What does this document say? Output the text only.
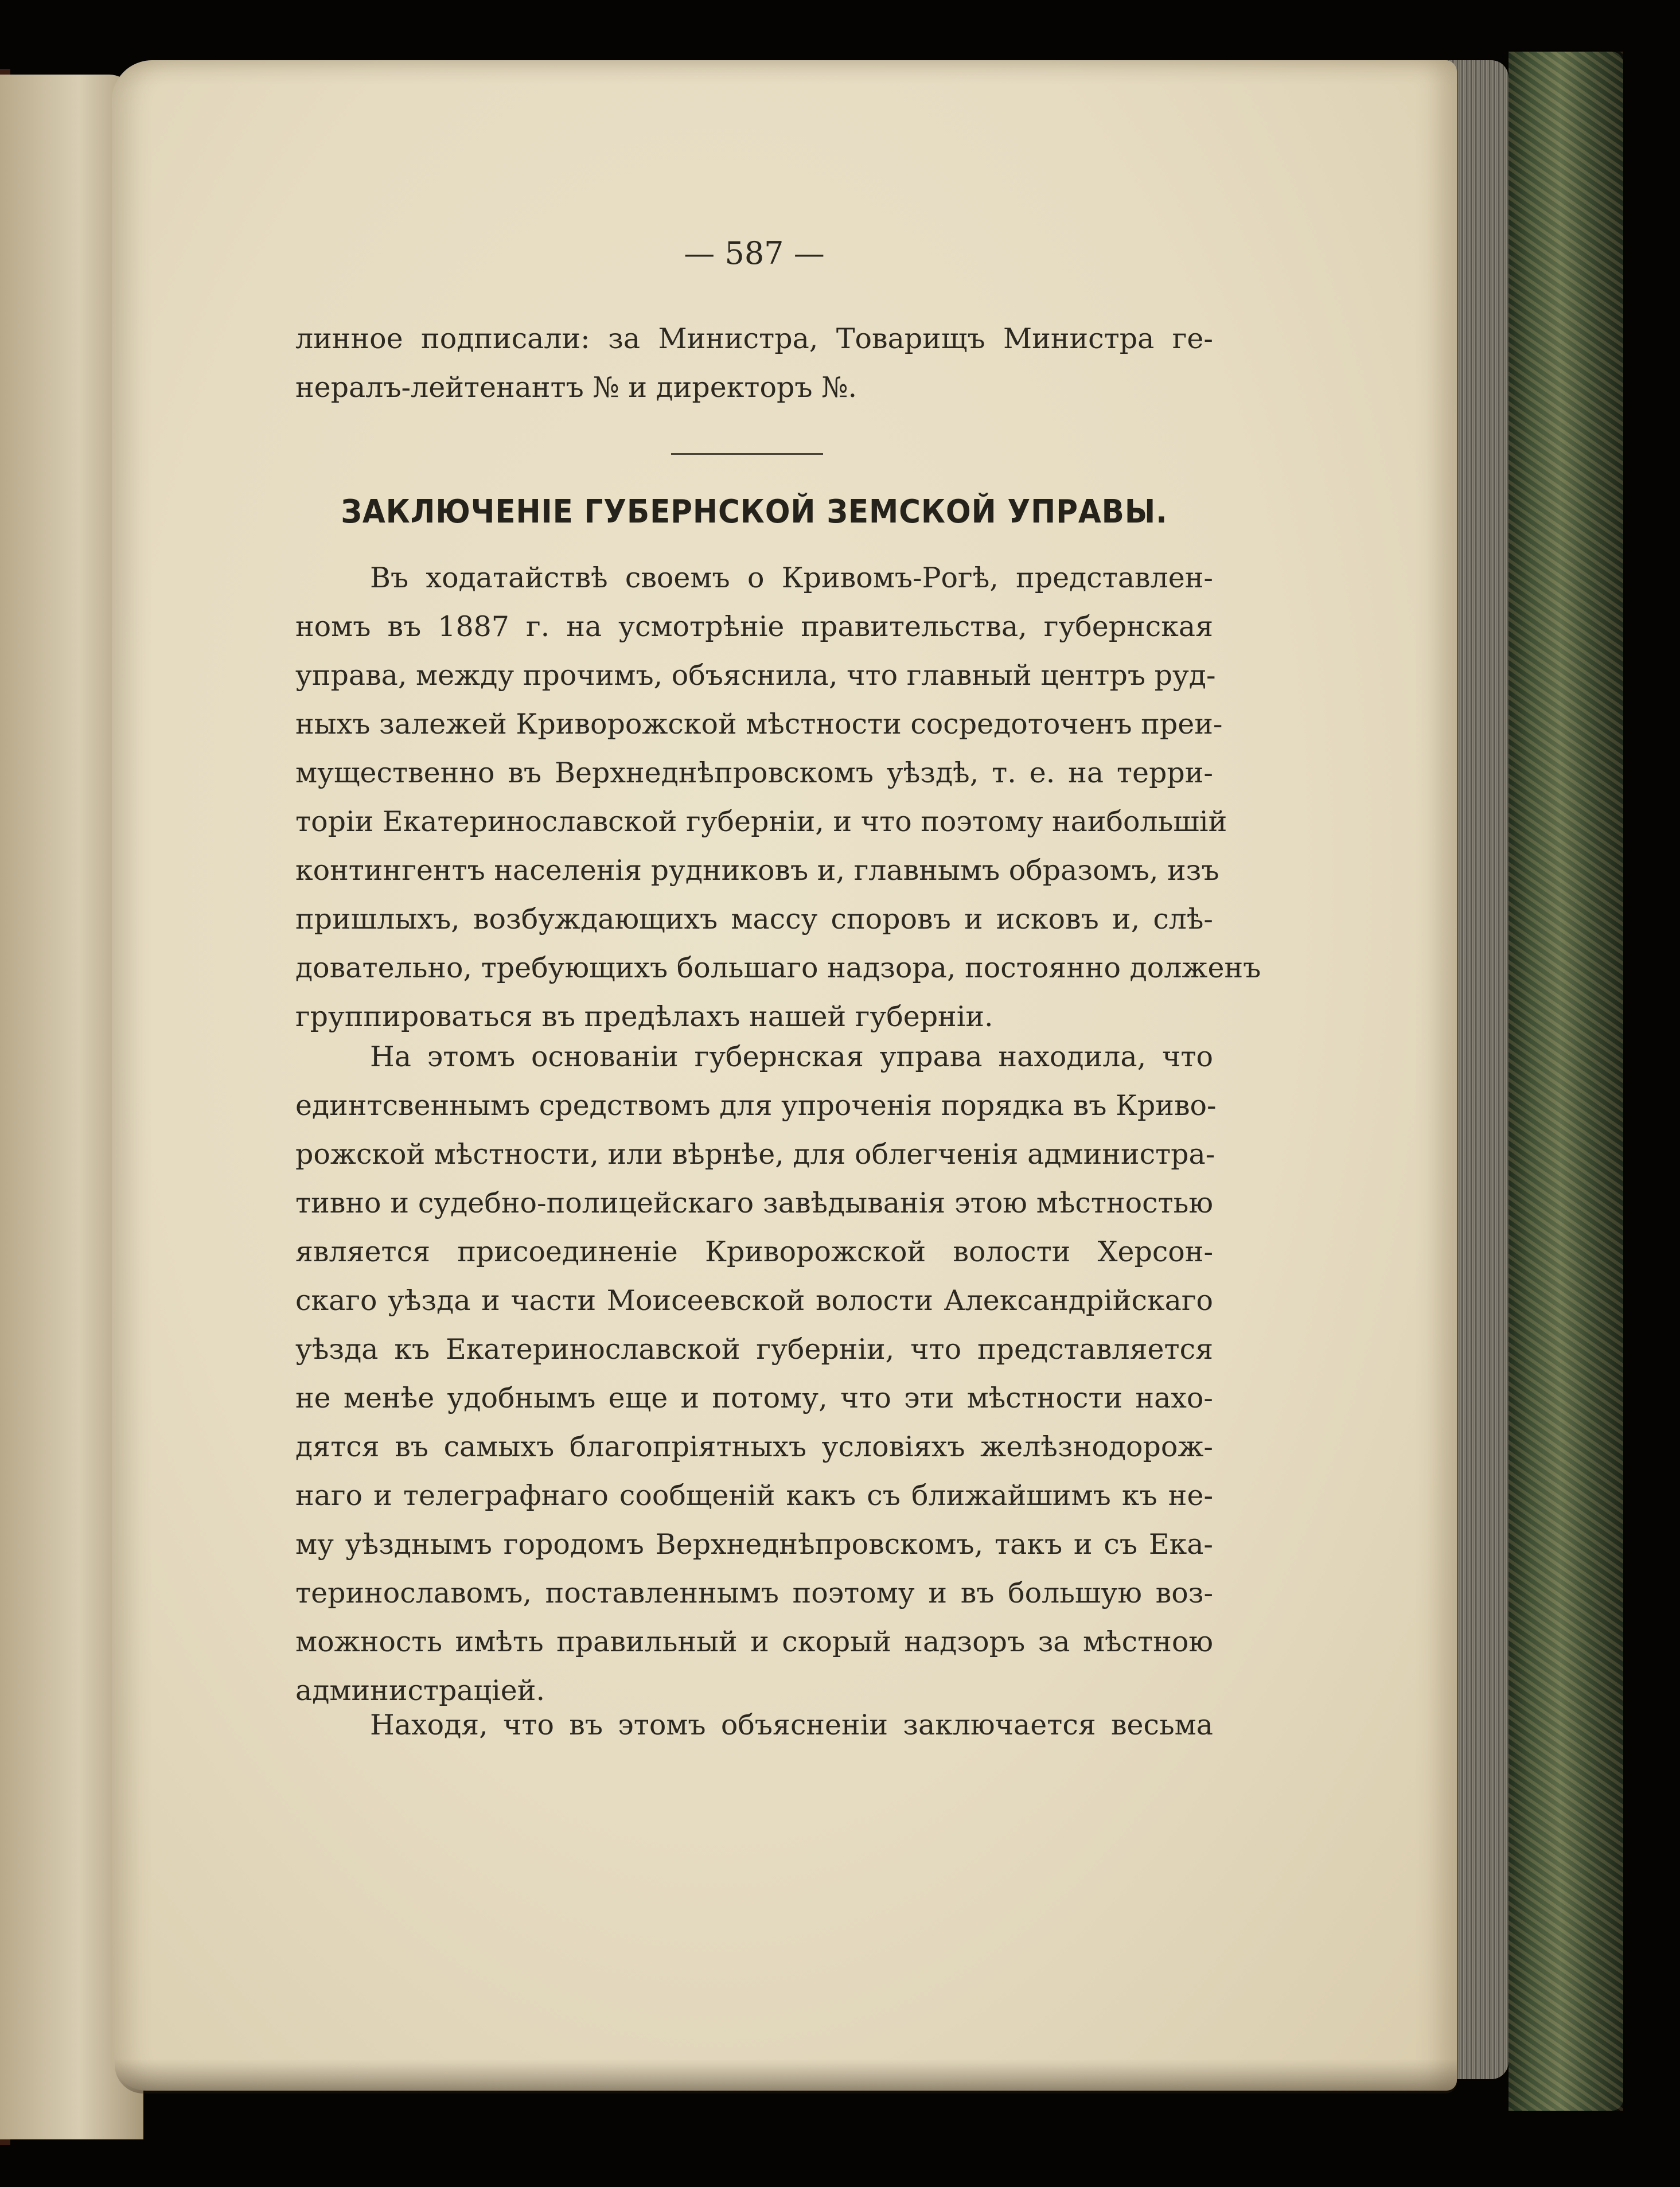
— 587 —
линное подписали: за Министра, Товарищъ Министра ге-
нералъ-лейтенантъ № и директоръ №.
ЗАКЛЮЧЕНІЕ ГУБЕРНСКОЙ ЗЕМСКОЙ УПРАВЫ.
Въ ходатайствѣ своемъ о Кривомъ-Рогѣ, представлен-
номъ въ 1887 г. на усмотрѣніе правительства, губернская
управа, между прочимъ, объяснила, что главный центръ руд-
ныхъ залежей Криворожской мѣстности сосредоточенъ преи-
мущественно въ Верхнеднѣпровскомъ уѣздѣ, т. е. на терри-
торіи Екатеринославской губерніи, и что поэтому наибольшій
контингентъ населенія рудниковъ и, главнымъ образомъ, изъ
пришлыхъ, возбуждающихъ массу споровъ и исковъ и, слѣ-
довательно, требующихъ большаго надзора, постоянно долженъ
группироваться въ предѣлахъ нашей губерніи.
На этомъ основаніи губернская управа находила, что
единтсвеннымъ средствомъ для упроченія порядка въ Криво-
рожской мѣстности, или вѣрнѣе, для облегченія администра-
тивно и судебно-полицейскаго завѣдыванія этою мѣстностью
является присоединеніе Криворожской волости Херсон-
скаго уѣзда и части Моисеевской волости Александрійскаго
уѣзда къ Екатеринославской губерніи, что представляется
не менѣе удобнымъ еще и потому, что эти мѣстности нахо-
дятся въ самыхъ благопріятныхъ условіяхъ желѣзнодорож-
наго и телеграфнаго сообщеній какъ съ ближайшимъ къ не-
му уѣзднымъ городомъ Верхнеднѣпровскомъ, такъ и съ Ека-
теринославомъ, поставленнымъ поэтому и въ большую воз-
можность имѣть правильный и скорый надзоръ за мѣстною
администраціей.
Находя, что въ этомъ объясненіи заключается весьма
